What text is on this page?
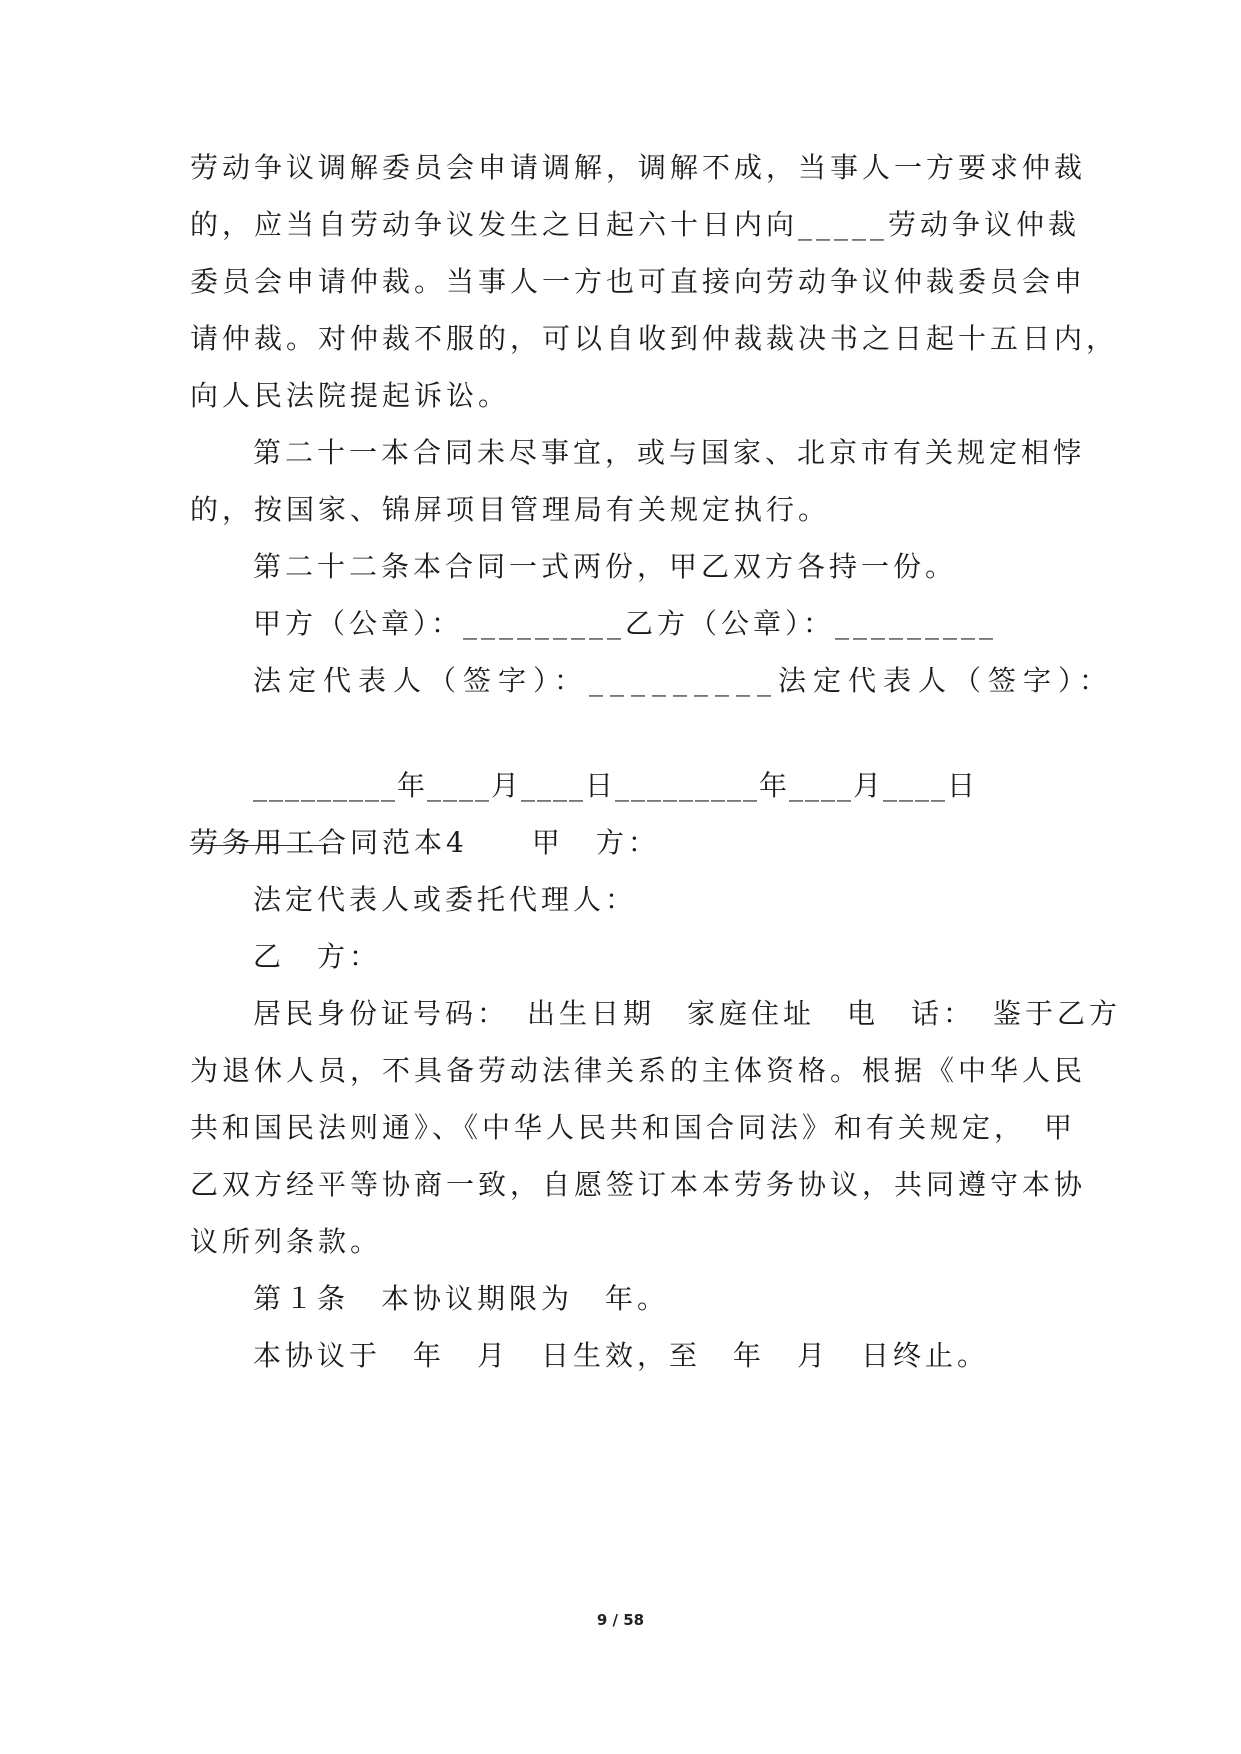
劳动争议调解委员会申请调解，调解不成，当事人一方要求仲裁
的，应当自劳动争议发生之日起六十日内向_____劳动争议仲裁
委员会申请仲裁。当事人一方也可直接向劳动争议仲裁委员会申
请仲裁。对仲裁不服的，可以自收到仲裁裁决书之日起十五日内，
向人民法院提起诉讼。
第二十一本合同未尽事宜，或与国家、北京市有关规定相悖
的，按国家、锦屏项目管理局有关规定执行。
第二十二条本合同一式两份，甲乙双方各持一份。
甲方（公章）：_________乙方（公章）：_________
法定代表人（签字）：_________法定代表人（签字）：
_________年____月____日_________年____月____日
劳务用工合同范本4　　甲　方：
法定代表人或委托代理人：
乙　方：
居民身份证号码：　出生日期　家庭住址　电　话：　鉴于乙方
为退休人员，不具备劳动法律关系的主体资格。根据《中华人民
共和国民法则通》、《中华人民共和国合同法》和有关规定，　甲
乙双方经平等协商一致，自愿签订本本劳务协议，共同遵守本协
议所列条款。
第１条　本协议期限为　年。
本协议于　年　月　日生效，至　年　月　日终止。
9 / 58
